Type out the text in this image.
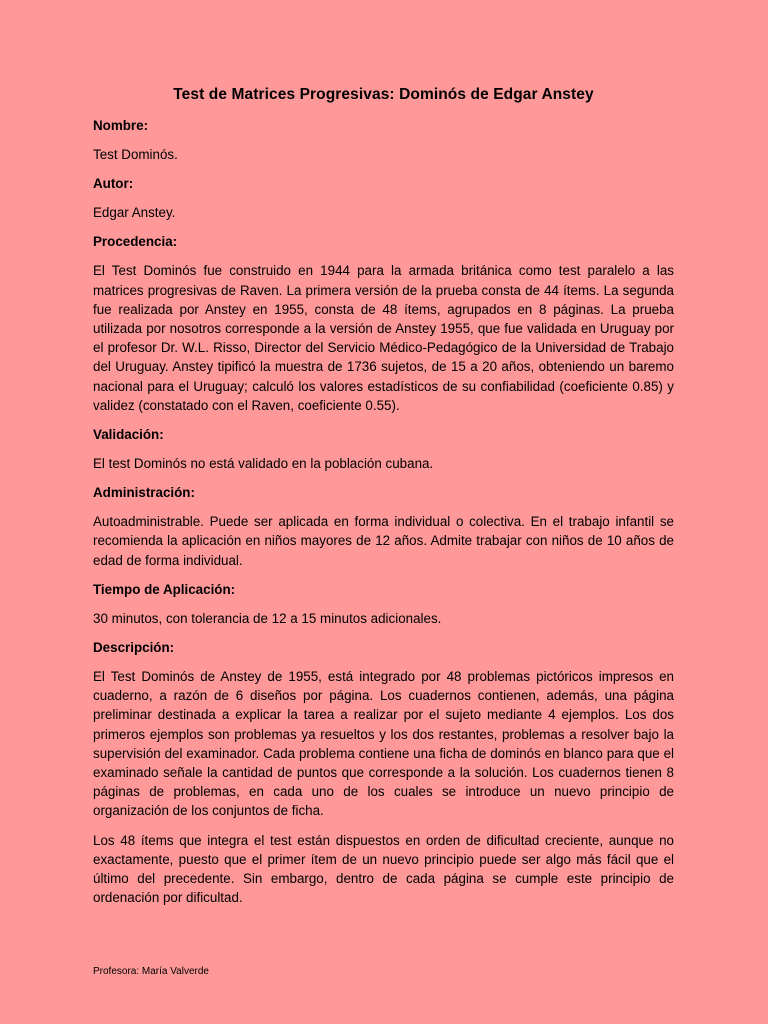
Test de Matrices Progresivas: Dominós de Edgar Anstey
Nombre:
Test Dominós.
Autor:
Edgar Anstey.
Procedencia:
El Test Dominós fue construido en 1944 para la armada británica como test paralelo a las matrices progresivas de Raven. La primera versión de la prueba consta de 44 ítems. La segunda fue realizada por Anstey en 1955, consta de 48 ítems, agrupados en 8 páginas. La prueba utilizada por nosotros corresponde a la versión de Anstey 1955, que fue validada en Uruguay por el profesor Dr. W.L. Risso, Director del Servicio Médico-Pedagógico de la Universidad de Trabajo del Uruguay. Anstey tipificó la muestra de 1736 sujetos, de 15 a 20 años, obteniendo un baremo nacional para el Uruguay; calculó los valores estadísticos de su confiabilidad (coeficiente 0.85) y validez (constatado con el Raven, coeficiente 0.55).
Validación:
El test Dominós no está validado en la población cubana.
Administración:
Autoadministrable. Puede ser aplicada en forma individual o colectiva. En el trabajo infantil se recomienda la aplicación en niños mayores de 12 años. Admite trabajar con niños de 10 años de edad de forma individual.
Tiempo de Aplicación:
30 minutos, con tolerancia de 12 a 15 minutos adicionales.
Descripción:
El Test Dominós de Anstey de 1955, está integrado por 48 problemas pictóricos impresos en cuaderno, a razón de 6 diseños por página. Los cuadernos contienen, además, una página preliminar destinada a explicar la tarea a realizar por el sujeto mediante 4 ejemplos. Los dos primeros ejemplos son problemas ya resueltos y los dos restantes, problemas a resolver bajo la supervisión del examinador. Cada problema contiene una ficha de dominós en blanco para que el examinado señale la cantidad de puntos que corresponde a la solución. Los cuadernos tienen 8 páginas de problemas, en cada uno de los cuales se introduce un nuevo principio de organización de los conjuntos de ficha.
Los 48 ítems que integra el test están dispuestos en orden de dificultad creciente, aunque no exactamente, puesto que el primer ítem de un nuevo principio puede ser algo más fácil que el último del precedente. Sin embargo, dentro de cada página se cumple este principio de ordenación por dificultad.
Profesora: María Valverde
